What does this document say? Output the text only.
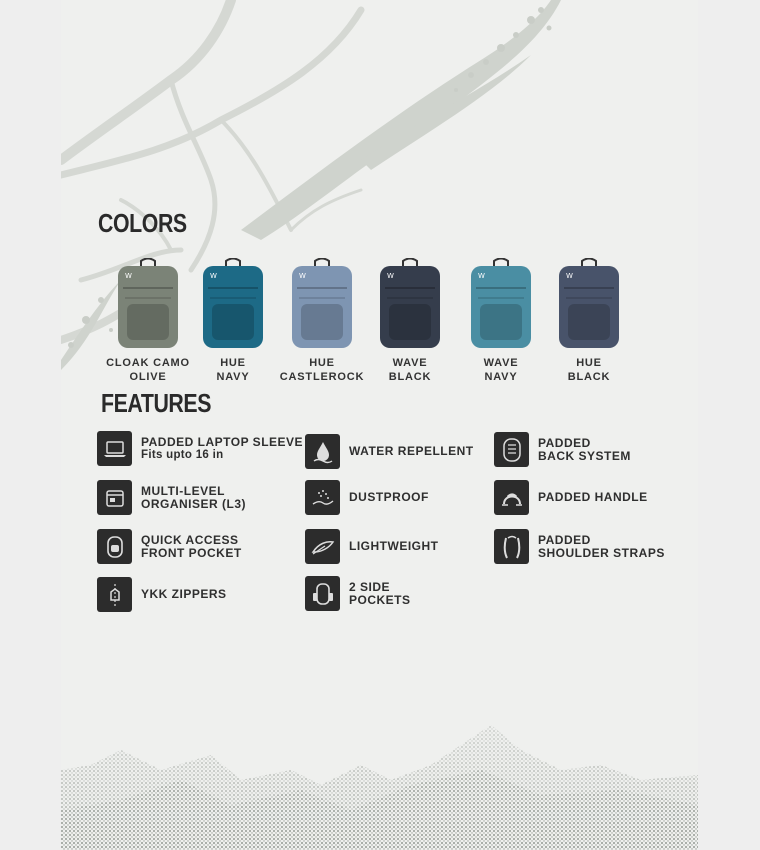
COLORS
W
CLOAK CAMO
OLIVE
W
HUE
NAVY
W
HUE
CASTLEROCK
W
WAVE
BLACK
W
WAVE
NAVY
W
HUE
BLACK
FEATURES
PADDED LAPTOP SLEEVE
Fits upto 16 in	WATER REPELLENT
PADDED
BACK SYSTEM
MULTI-LEVEL
ORGANISER (L3)	DUSTPROOF	PADDED HANDLE
QUICK ACCESS
FRONT POCKET	LIGHTWEIGHT	PADDED
SHOULDER STRAPS
YKK ZIPPERS
2 SIDE
POCKETS
